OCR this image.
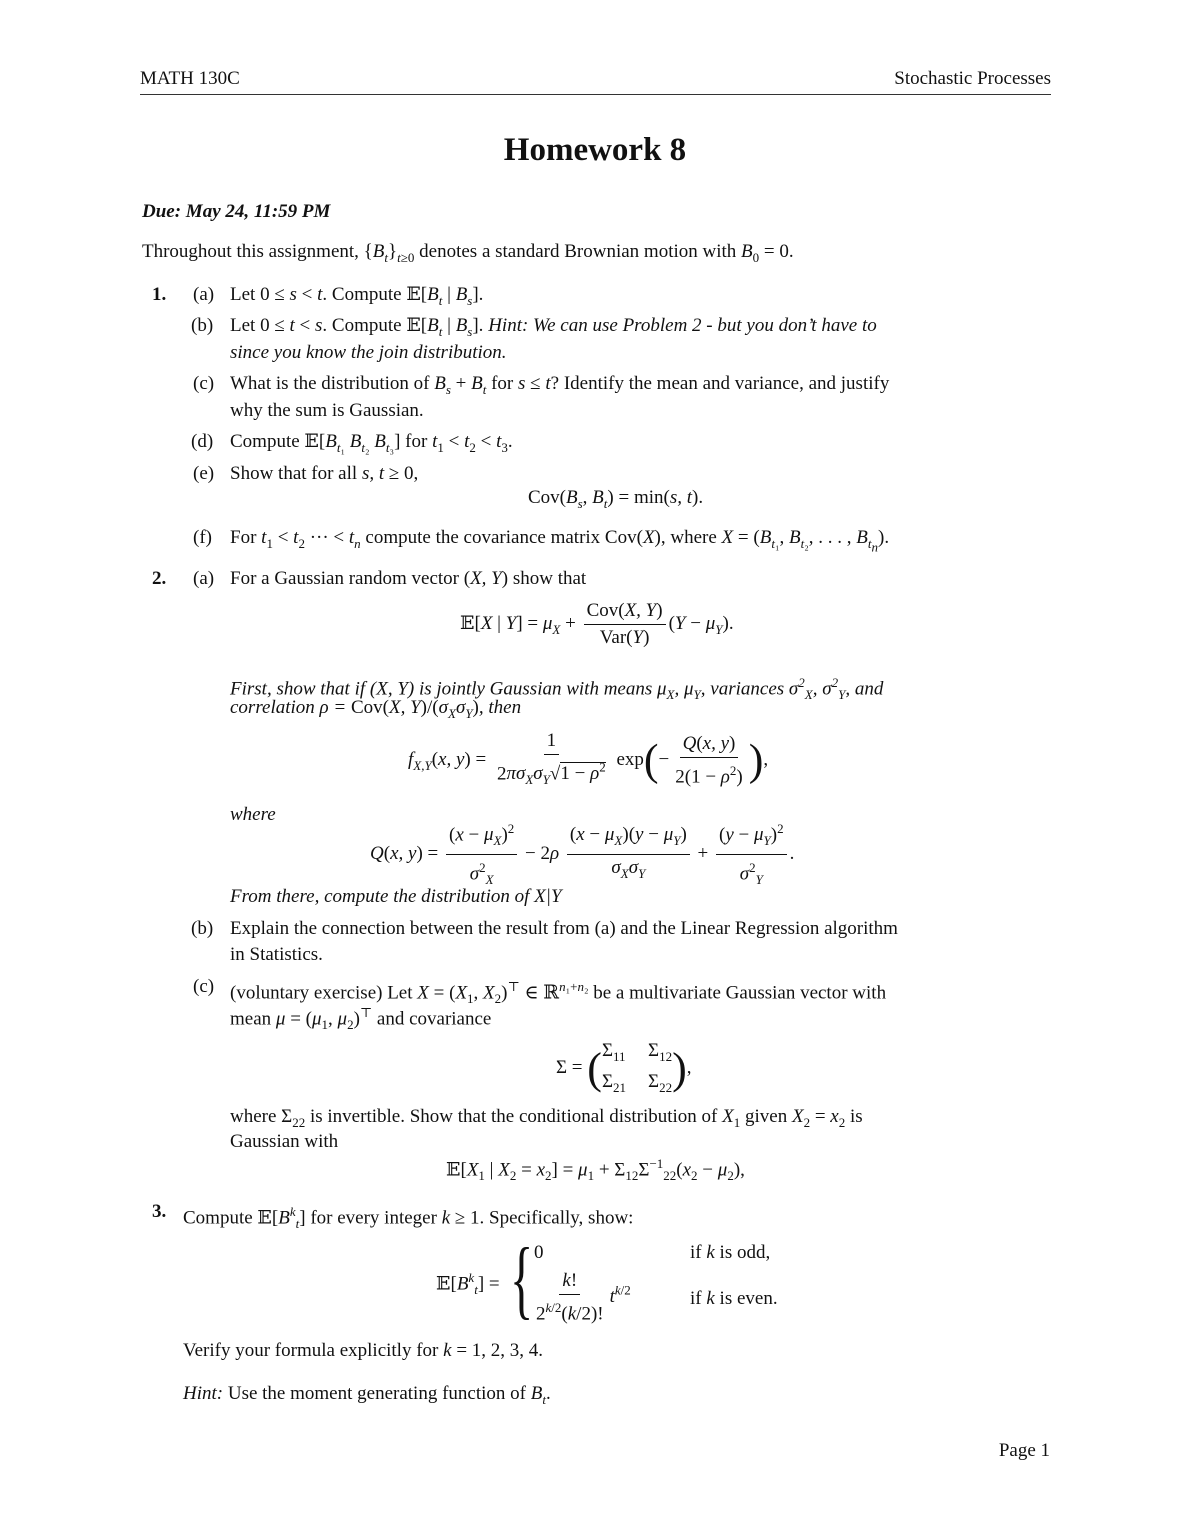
MATH 130C	Stochastic Processes
Homework 8
Due: May 24, 11:59 PM
Throughout this assignment, $\{B_t\}_{t\ge 0}$ denotes a standard Brownian motion with $B_0 = 0$.
1. (a) Let 0 ≤ s < t. Compute $𝔼[B_t$ | $B_s$].
(b) Let 0 ≤ t < s. Compute $𝔼[B_t$ | $B_s$]. Hint: We can use Problem 2 - but you don’t have to
since you know the join distribution.
(c) What is the distribution of $B_s + B_t$ for s ≤ t? Identify the mean and variance, and justify
why the sum is Gaussian.
(d) Compute $𝔼[B_{t_1}$ $B_{t_2}$ $B_{t_3}$] for $t_1 < t_2 < t_3$.
(e) Show that for all s, t ≥ 0,
$Cov(B_s$, $B_t) = \min(s$, t).
(f) For $t_1 < t_2$ ··· < $t_n$ compute the covariance matrix Cov(X), where $X = (B_{t_1}$, $B_{t_2}$, . . . , $B_{t_n}$).
2. (a) For a Gaussian random vector (X, Y) show that
𝔼[X | $Y] = \mu_X + \frac{\text{Cov(X, Y)}}{\text{Var(Y)}} (Y - \mu_Y)$.
First, show that if (X, Y) is jointly Gaussian with means $\mu_X$, $\mu_Y$, variances $\sigma^2_X$, $\sigma^2_Y$, and
correlation ρ = Cov(X, $Y)/(\sigma_X\sigma_Y)$, then
$f_{X,Y}(x$, $y) = \frac{1}{2\pi\sigma_X\sigma_Y√1 - \rho^2} \exp(- \frac{Q(x, y)}{2(1 - \rho^2)}$ ),
where
Q(x, $y) = \frac{(x - \mu_X)^2}{\sigma^2_X} - 2\rho \frac{(x - \mu_X)(y - \mu_Y)}{\sigma_X\sigma_Y} + \frac{(y - \mu_Y)^2}{\sigma^2_Y}$ .
From there, compute the distribution of X|Y
(b) Explain the connection between the result from (a) and the Linear Regression algorithm
in Statistics.
(c) (voluntary exercise) Let $X = (X_1$, $X_2)^⊤$ ∈ ℝ$^{n_1+n_2}$ be a multivariate Gaussian vector with
mean $\mu = (\mu_1$, $\mu_2)^⊤$ and covariance
Σ = ( $\Sigma_{11}$ $\Sigma_{12}$
$\Sigma_{21}$ $\Sigma_{22}$ ),
where $\Sigma_{22}$ is invertible. Show that the conditional distribution of $X_1$ given $X_2 = x_2$ is
Gaussian with
$𝔼[X_1$ | $X_2 = x_2] = \mu_1 + \Sigma_{12}\Sigma^{-1}_{22}(x_2 - \mu_2)$,
3. Compute $𝔼[B^k_t]$ for every integer k ≥ 1. Specifically, show:
$𝔼[B^k_t]$ = { 0	if k is odd,
$\frac{k!}{2^{k/2}(k/2)!} t^{k/2}$	if k is even.
Verify your formula explicitly for k = 1, 2, 3, 4.
Hint: Use the moment generating function of $B_t$.
Page 1
